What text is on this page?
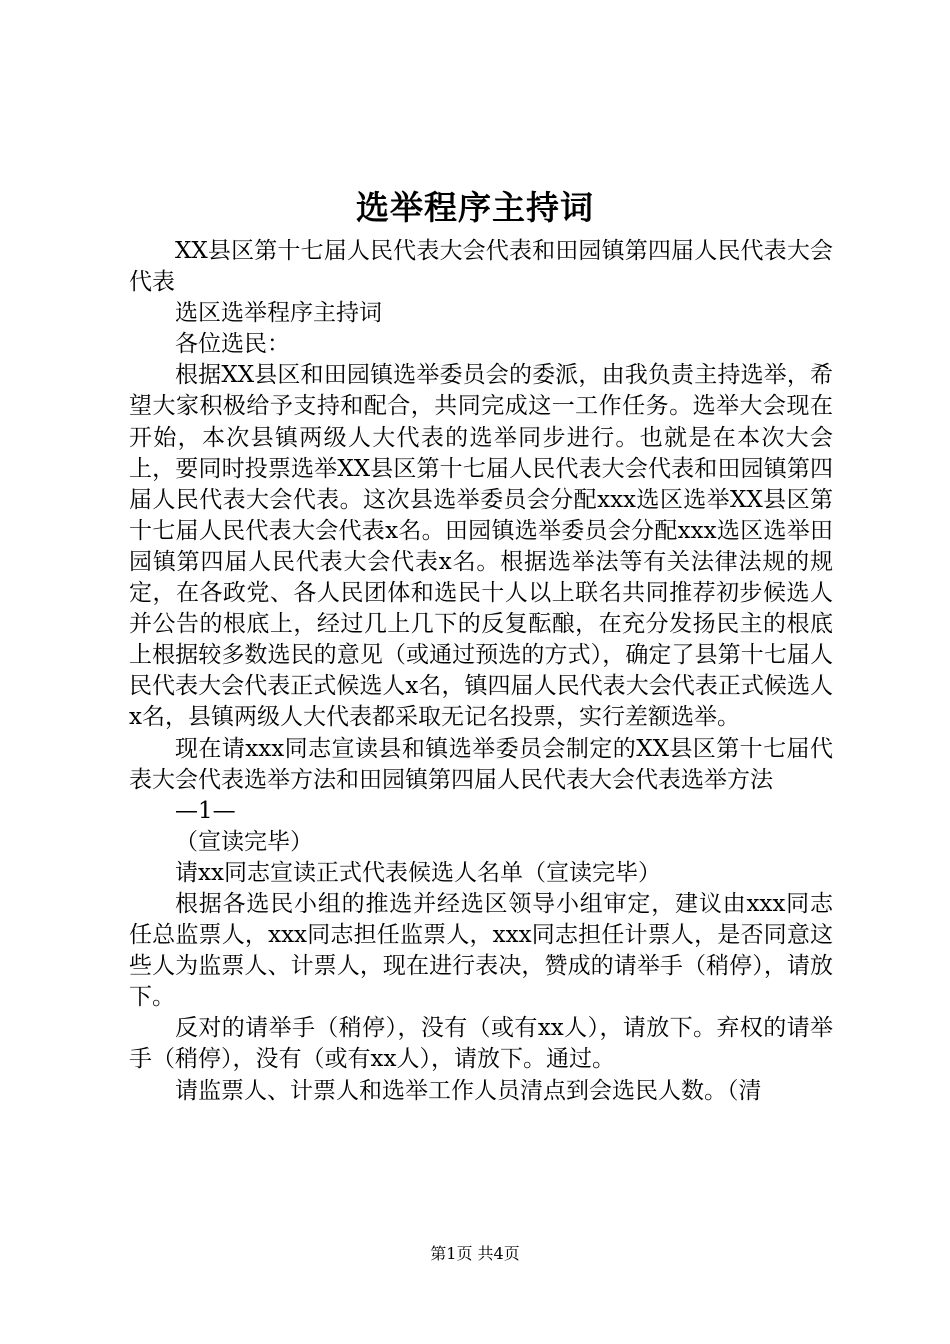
选举程序主持词

XX县区第十七届人民代表大会代表和田园镇第四届人民代表大会代表

选区选举程序主持词

各位选民：

根据XX县区和田园镇选举委员会的委派，由我负责主持选举，希望大家积极给予支持和配合，共同完成这一工作任务。选举大会现在开始，本次县镇两级人大代表的选举同步进行。也就是在本次大会上，要同时投票选举XX县区第十七届人民代表大会代表和田园镇第四届人民代表大会代表。这次县选举委员会分配xxx选区选举XX县区第十七届人民代表大会代表x名。田园镇选举委员会分配xxx选区选举田园镇第四届人民代表大会代表x名。根据选举法等有关法律法规的规定，在各政党、各人民团体和选民十人以上联名共同推荐初步候选人并公告的根底上，经过几上几下的反复酝酿，在充分发扬民主的根底上根据较多数选民的意见（或通过预选的方式），确定了县第十七届人民代表大会代表正式候选人x名，镇四届人民代表大会代表正式候选人x名，县镇两级人大代表都采取无记名投票，实行差额选举。

现在请xxx同志宣读县和镇选举委员会制定的XX县区第十七届代表大会代表选举方法和田园镇第四届人民代表大会代表选举方法

—1—

（宣读完毕）

请xx同志宣读正式代表候选人名单（宣读完毕）

根据各选民小组的推选并经选区领导小组审定，建议由xxx同志任总监票人，xxx同志担任监票人，xxx同志担任计票人，是否同意这些人为监票人、计票人，现在进行表决，赞成的请举手（稍停），请放下。

反对的请举手（稍停），没有（或有xx人），请放下。弃权的请举手（稍停），没有（或有xx人），请放下。通过。

请监票人、计票人和选举工作人员清点到会选民人数。（清

第1页 共4页
